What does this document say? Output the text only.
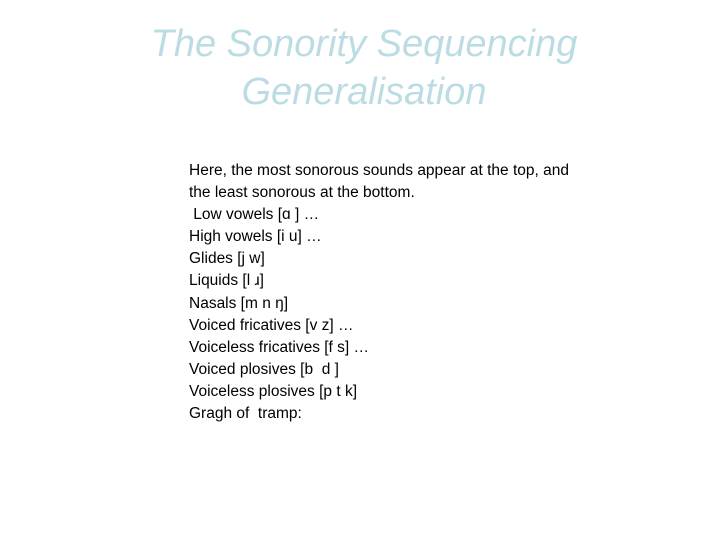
The Sonority Sequencing
Generalisation
Here, the most sonorous sounds appear at the top, and the least sonorous at the bottom.
Low vowels [ɑ ] …
High vowels [i u] …
Glides [j w]
Liquids [l ɹ]
Nasals [m n ŋ]
Voiced fricatives [v z] …
Voiceless fricatives [f s] …
Voiced plosives [b  d ]
Voiceless plosives [p t k]
Gragh of  tramp:
